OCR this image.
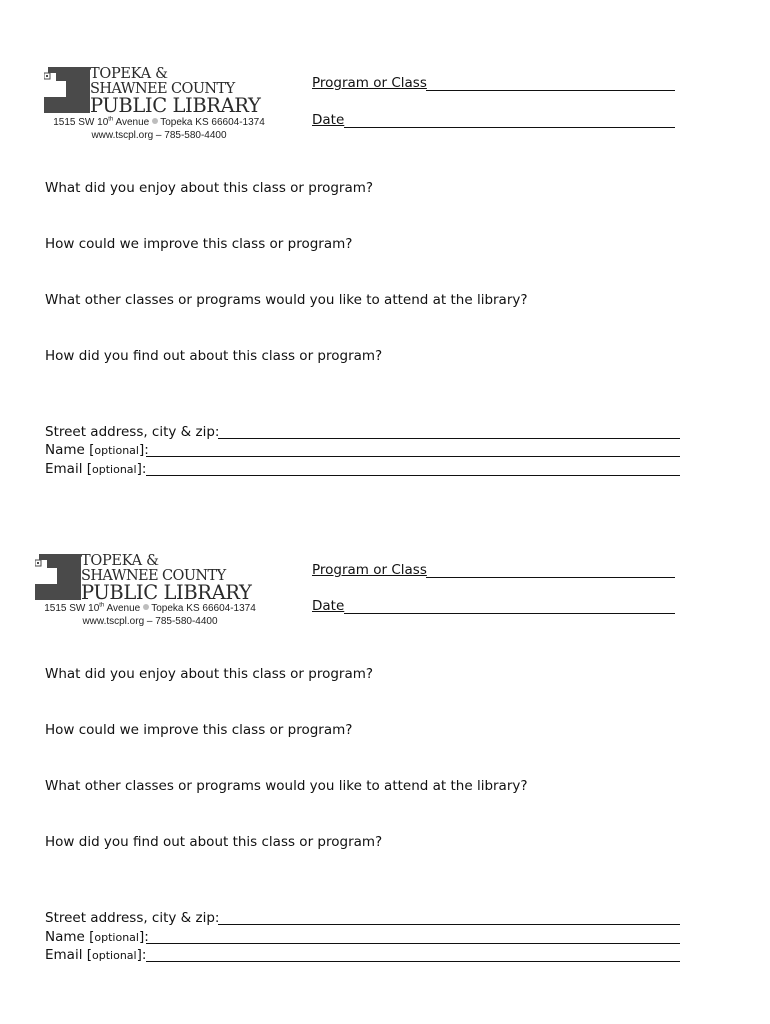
TOPEKA &
SHAWNEE COUNTY
PUBLIC LIBRARY
1515 SW 10th Avenue Topeka KS 66604-1374
www.tscpl.org – 785-580-4400
Program or Class
Date
What did you enjoy about this class or program?
How could we improve this class or program?
What other classes or programs would you like to attend at the library?
How did you find out about this class or program?
Street address, city & zip:
Name [optional]:
Email [optional]:
TOPEKA &
SHAWNEE COUNTY
PUBLIC LIBRARY
1515 SW 10th Avenue Topeka KS 66604-1374
www.tscpl.org – 785-580-4400
Program or Class
Date
What did you enjoy about this class or program?
How could we improve this class or program?
What other classes or programs would you like to attend at the library?
How did you find out about this class or program?
Street address, city & zip:
Name [optional]:
Email [optional]:
